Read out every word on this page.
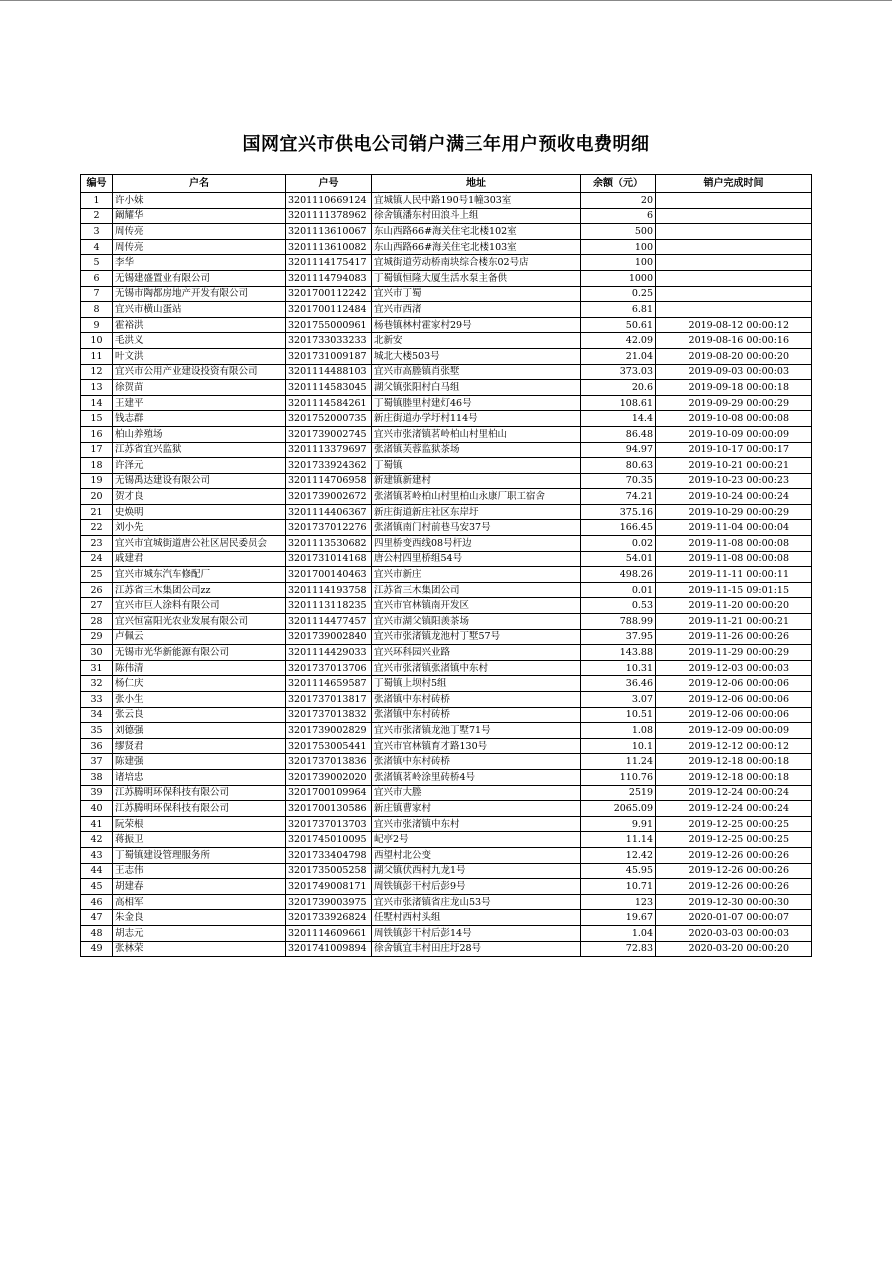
国网宜兴市供电公司销户满三年用户预收电费明细
编号	户名	户号	地址	余额（元）	销户完成时间
1	许小妹	3201110669124	宜城镇人民中路190号1幢303室	20	
2	阚耀华	3201111378962	徐舍镇潘东村田浪斗上组	6	
3	周传亮	3201113610067	东山西路66#海关住宅北楼102室	500	
4	周传亮	3201113610082	东山西路66#海关住宅北楼103室	100	
5	李华	3201114175417	宜城街道劳动桥南块综合楼东02号店	100	
6	无锡建盛置业有限公司	3201114794083	丁蜀镇恒隆大厦生活水泵主备供	1000	
7	无锡市陶都房地产开发有限公司	3201700112242	宜兴市丁蜀	0.25	
8	宜兴市横山蛋站	3201700112484	宜兴市西渚	6.81	
9	霍裕洪	3201755000961	杨巷镇林村霍家村29号	50.61	2019-08-12 00:00:12
10	毛洪义	3201733033233	北新安	42.09	2019-08-16 00:00:16
11	叶文洪	3201731009187	城北大楼503号	21.04	2019-08-20 00:00:20
12	宜兴市公用产业建设投资有限公司	3201114488103	宜兴市高塍镇肖张墅	373.03	2019-09-03 00:00:03
13	徐贺苗	3201114583045	湖父镇张阳村白马组	20.6	2019-09-18 00:00:18
14	王建平	3201114584261	丁蜀镇塍里村建灯46号	108.61	2019-09-29 00:00:29
15	钱志群	3201752000735	新庄街道办学圩村114号	14.4	2019-10-08 00:00:08
16	柏山养殖场	3201739002745	宜兴市张渚镇茗岭柏山村里柏山	86.48	2019-10-09 00:00:09
17	江苏省宜兴监狱	3201113379697	张渚镇芙蓉监狱茶场	94.97	2019-10-17 00:00:17
18	许泽元	3201733924362	丁蜀镇	80.63	2019-10-21 00:00:21
19	无锡禹达建设有限公司	3201114706958	新建镇新建村	70.35	2019-10-23 00:00:23
20	贺才良	3201739002672	张渚镇茗岭柏山村里柏山永康厂职工宿舍	74.21	2019-10-24 00:00:24
21	史焕明	3201114406367	新庄街道新庄社区东岸圩	375.16	2019-10-29 00:00:29
22	刘小先	3201737012276	张渚镇南门村前巷马安37号	166.45	2019-11-04 00:00:04
23	宜兴市宜城街道唐公社区居民委员会	3201113530682	四里桥变西线08号杆边	0.02	2019-11-08 00:00:08
24	戚建君	3201731014168	唐公村四里桥组54号	54.01	2019-11-08 00:00:08
25	宜兴市城东汽车修配厂	3201700140463	宜兴市新庄	498.26	2019-11-11 00:00:11
26	江苏省三木集团公司zz	3201114193758	江苏省三木集团公司	0.01	2019-11-15 09:01:15
27	宜兴市巨人涂料有限公司	3201113118235	宜兴市官林镇南开发区	0.53	2019-11-20 00:00:20
28	宜兴恒富阳光农业发展有限公司	3201114477457	宜兴市湖父镇阳羡茶场	788.99	2019-11-21 00:00:21
29	卢佩云	3201739002840	宜兴市张渚镇龙池村丁墅57号	37.95	2019-11-26 00:00:26
30	无锡市光华新能源有限公司	3201114429033	宜兴环科园兴业路	143.88	2019-11-29 00:00:29
31	陈伟清	3201737013706	宜兴市张渚镇张渚镇中东村	10.31	2019-12-03 00:00:03
32	杨仁庆	3201114659587	丁蜀镇上坝村5组	36.46	2019-12-06 00:00:06
33	张小生	3201737013817	张渚镇中东村砖桥	3.07	2019-12-06 00:00:06
34	张云良	3201737013832	张渚镇中东村砖桥	10.51	2019-12-06 00:00:06
35	刘德强	3201739002829	宜兴市张渚镇龙池丁墅71号	1.08	2019-12-09 00:00:09
36	缪贤君	3201753005441	宜兴市官林镇育才路130号	10.1	2019-12-12 00:00:12
37	陈建强	3201737013836	张渚镇中东村砖桥	11.24	2019-12-18 00:00:18
38	诸培忠	3201739002020	张渚镇茗岭涂里砖桥4号	110.76	2019-12-18 00:00:18
39	江苏腾明环保科技有限公司	3201700109964	宜兴市大塍	2519	2019-12-24 00:00:24
40	江苏腾明环保科技有限公司	3201700130586	新庄镇曹家村	2065.09	2019-12-24 00:00:24
41	阮荣根	3201737013703	宜兴市张渚镇中东村	9.91	2019-12-25 00:00:25
42	蒋振卫	3201745010095	屺亭2号	11.14	2019-12-25 00:00:25
43	丁蜀镇建设管理服务所	3201733404798	西望村北公变	12.42	2019-12-26 00:00:26
44	王志伟	3201735005258	湖父镇伏西村九龙1号	45.95	2019-12-26 00:00:26
45	胡建春	3201749008171	周铁镇彭干村后彭9号	10.71	2019-12-26 00:00:26
46	高相军	3201739003975	宜兴市张渚镇省庄龙山53号	123	2019-12-30 00:00:30
47	朱金良	3201733926824	任墅村西村头组	19.67	2020-01-07 00:00:07
48	胡志元	3201114609661	周铁镇彭干村后彭14号	1.04	2020-03-03 00:00:03
49	张林荣	3201741009894	徐舍镇宜丰村田庄圩28号	72.83	2020-03-20 00:00:20
